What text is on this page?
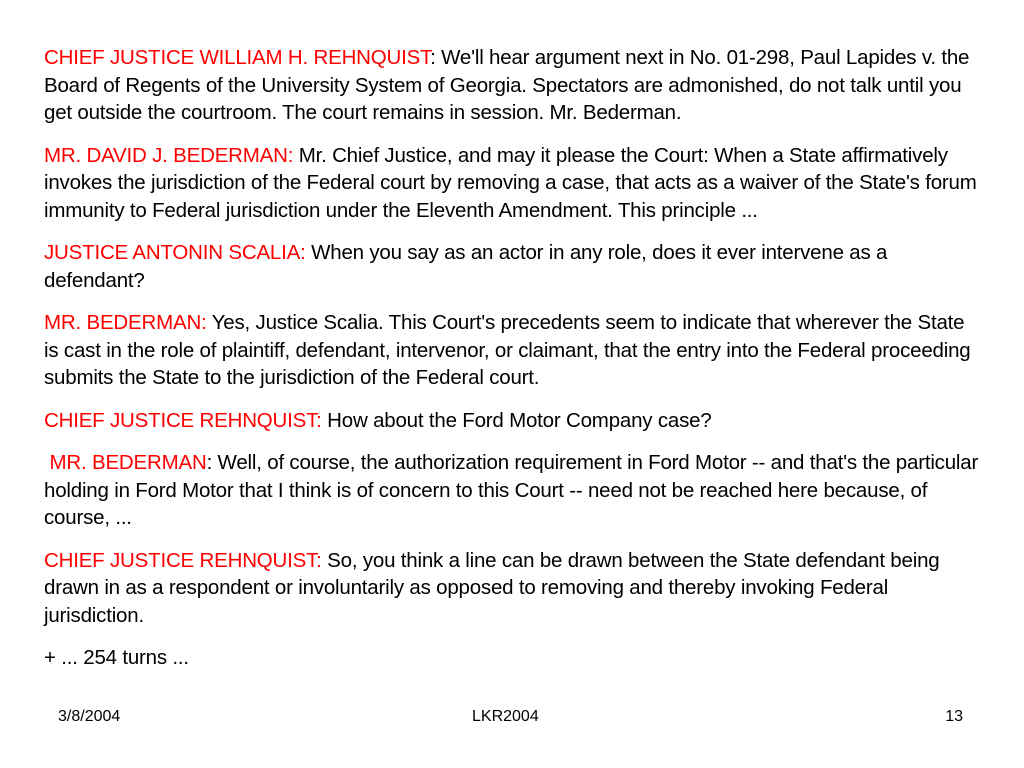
CHIEF JUSTICE WILLIAM H. REHNQUIST: We'll hear argument next in No. 01-298, Paul Lapides v. the Board of Regents of the University System of Georgia. Spectators are admonished, do not talk until you get outside the courtroom. The court remains in session. Mr. Bederman.

MR. DAVID J. BEDERMAN: Mr. Chief Justice, and may it please the Court: When a State affirmatively invokes the jurisdiction of the Federal court by removing a case, that acts as a waiver of the State's forum immunity to Federal jurisdiction under the Eleventh Amendment. This principle ...

JUSTICE ANTONIN SCALIA: When you say as an actor in any role, does it ever intervene as a defendant?

MR. BEDERMAN: Yes, Justice Scalia. This Court's precedents seem to indicate that wherever the State is cast in the role of plaintiff, defendant, intervenor, or claimant, that the entry into the Federal proceeding submits the State to the jurisdiction of the Federal court.

CHIEF JUSTICE REHNQUIST: How about the Ford Motor Company case?

MR. BEDERMAN: Well, of course, the authorization requirement in Ford Motor -- and that's the particular holding in Ford Motor that I think is of concern to this Court -- need not be reached here because, of course, ...

CHIEF JUSTICE REHNQUIST: So, you think a line can be drawn between the State defendant being drawn in as a respondent or involuntarily as opposed to removing and thereby invoking Federal jurisdiction.

+ ... 254 turns ...

3/8/2004	LKR2004	13
